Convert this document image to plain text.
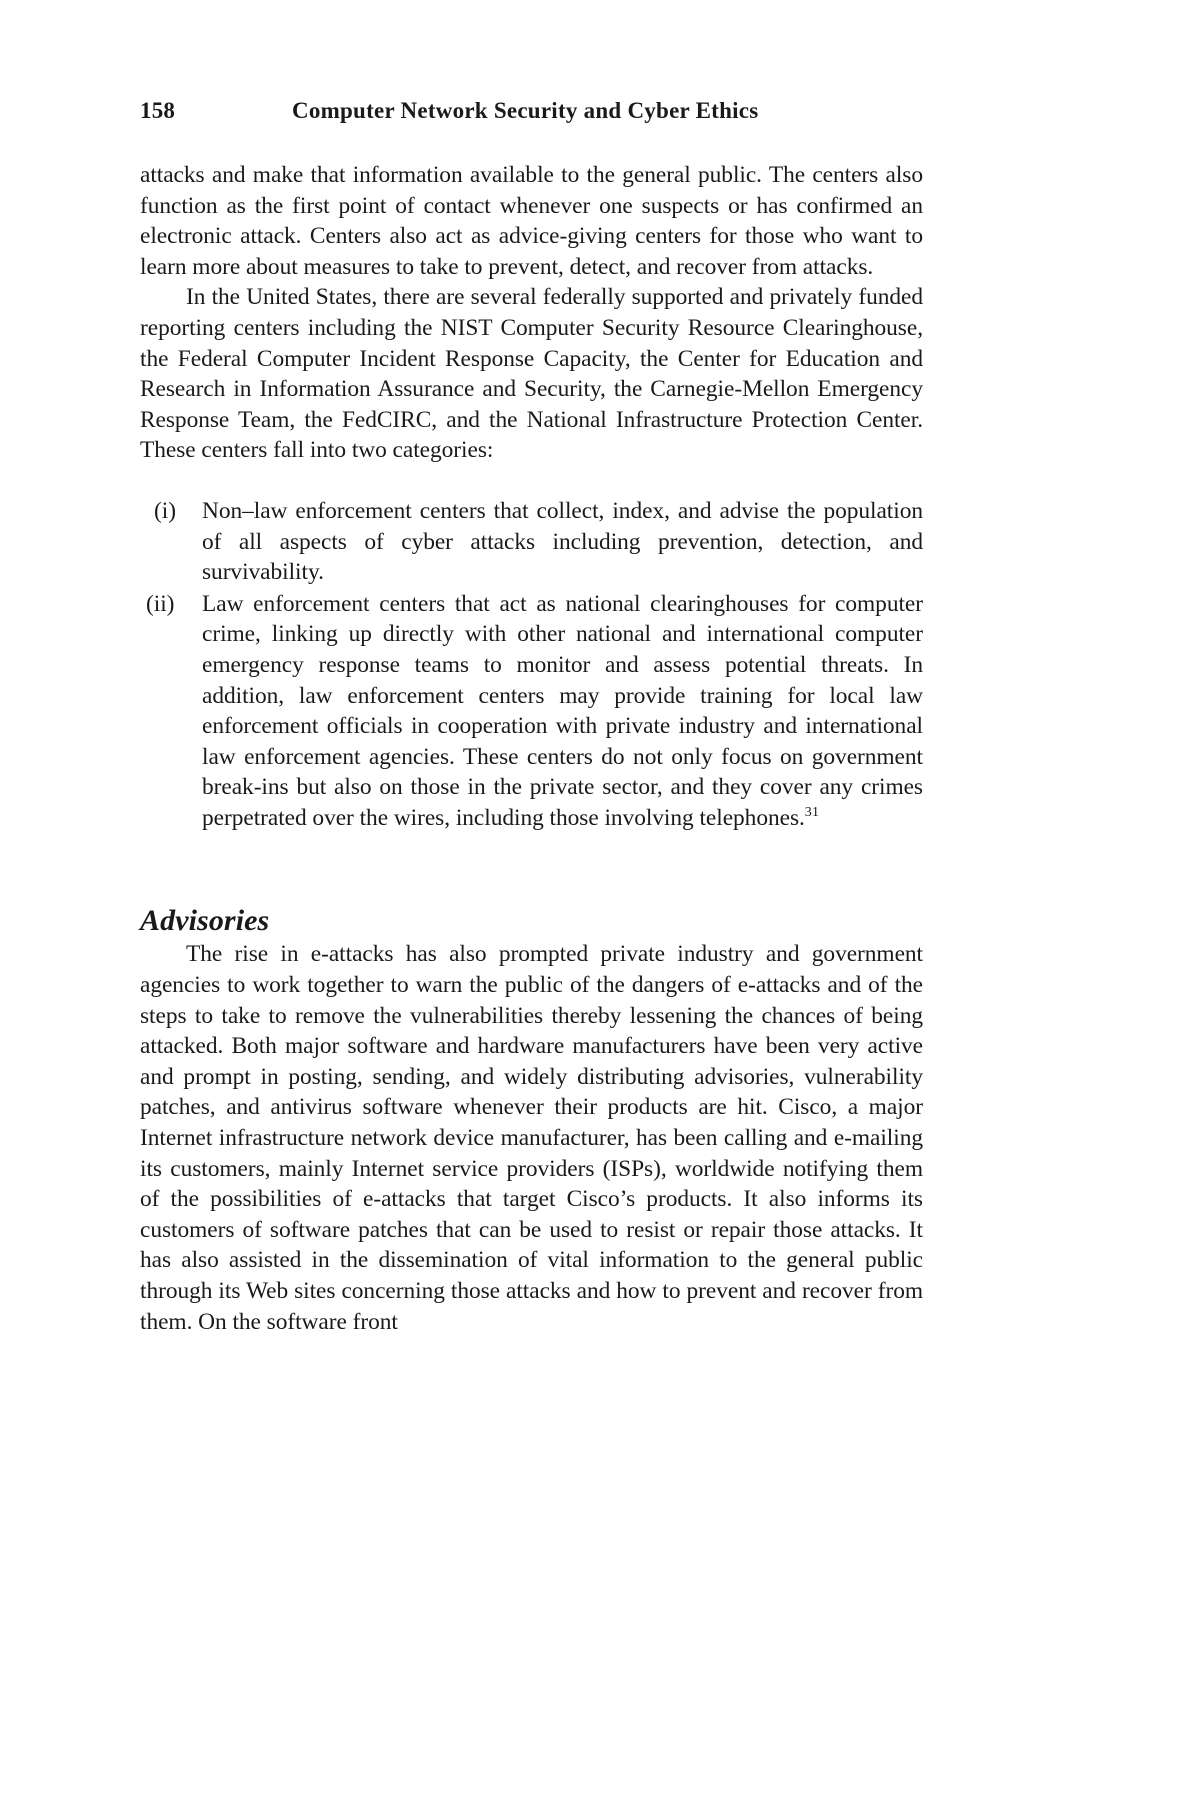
158	Computer Network Security and Cyber Ethics

attacks and make that information available to the general public. The centers also function as the first point of contact whenever one suspects or has confirmed an electronic attack. Centers also act as advice-giving centers for those who want to learn more about measures to take to prevent, detect, and recover from attacks.

In the United States, there are several federally supported and privately funded reporting centers including the NIST Computer Security Resource Clearinghouse, the Federal Computer Incident Response Capacity, the Center for Education and Research in Information Assurance and Security, the Carnegie-Mellon Emergency Response Team, the FedCIRC, and the National Infrastructure Protection Center. These centers fall into two categories:

(i)	Non–law enforcement centers that collect, index, and advise the population of all aspects of cyber attacks including prevention, detection, and survivability.
(ii)	Law enforcement centers that act as national clearinghouses for computer crime, linking up directly with other national and international computer emergency response teams to monitor and assess potential threats. In addition, law enforcement centers may provide training for local law enforcement officials in cooperation with private industry and international law enforcement agencies. These centers do not only focus on government break-ins but also on those in the private sector, and they cover any crimes perpetrated over the wires, including those involving telephones.$^{31}$
Advisories

The rise in e-attacks has also prompted private industry and government agencies to work together to warn the public of the dangers of e-attacks and of the steps to take to remove the vulnerabilities thereby lessening the chances of being attacked. Both major software and hardware manufacturers have been very active and prompt in posting, sending, and widely distributing advisories, vulnerability patches, and antivirus software whenever their products are hit. Cisco, a major Internet infrastructure network device manufacturer, has been calling and e-mailing its customers, mainly Internet service providers (ISPs), worldwide notifying them of the possibilities of e-attacks that target Cisco’s products. It also informs its customers of software patches that can be used to resist or repair those attacks. It has also assisted in the dissemination of vital information to the general public through its Web sites concerning those attacks and how to prevent and recover from them. On the software front
